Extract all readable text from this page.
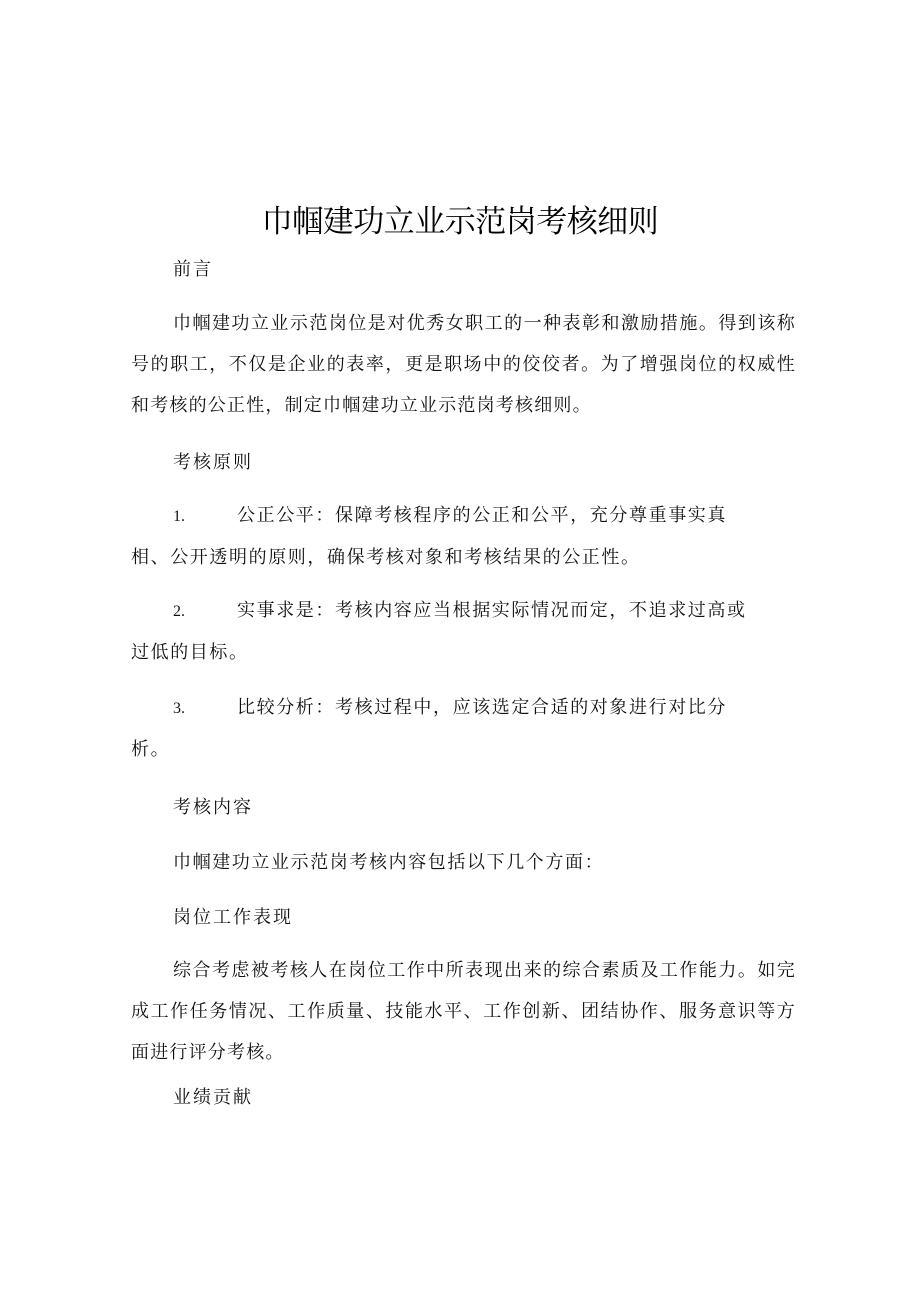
巾帼建功立业示范岗考核细则
前言
巾帼建功立业示范岗位是对优秀女职工的一种表彰和激励措施。得到该称号的职工，不仅是企业的表率，更是职场中的佼佼者。为了增强岗位的权威性和考核的公正性，制定巾帼建功立业示范岗考核细则。
考核原则
1.	公正公平：保障考核程序的公正和公平，充分尊重事实真相、公开透明的原则，确保考核对象和考核结果的公正性。
2.	实事求是：考核内容应当根据实际情况而定，不追求过高或过低的目标。
3.	比较分析：考核过程中，应该选定合适的对象进行对比分析。
考核内容
巾帼建功立业示范岗考核内容包括以下几个方面：
岗位工作表现
综合考虑被考核人在岗位工作中所表现出来的综合素质及工作能力。如完成工作任务情况、工作质量、技能水平、工作创新、团结协作、服务意识等方面进行评分考核。
业绩贡献
